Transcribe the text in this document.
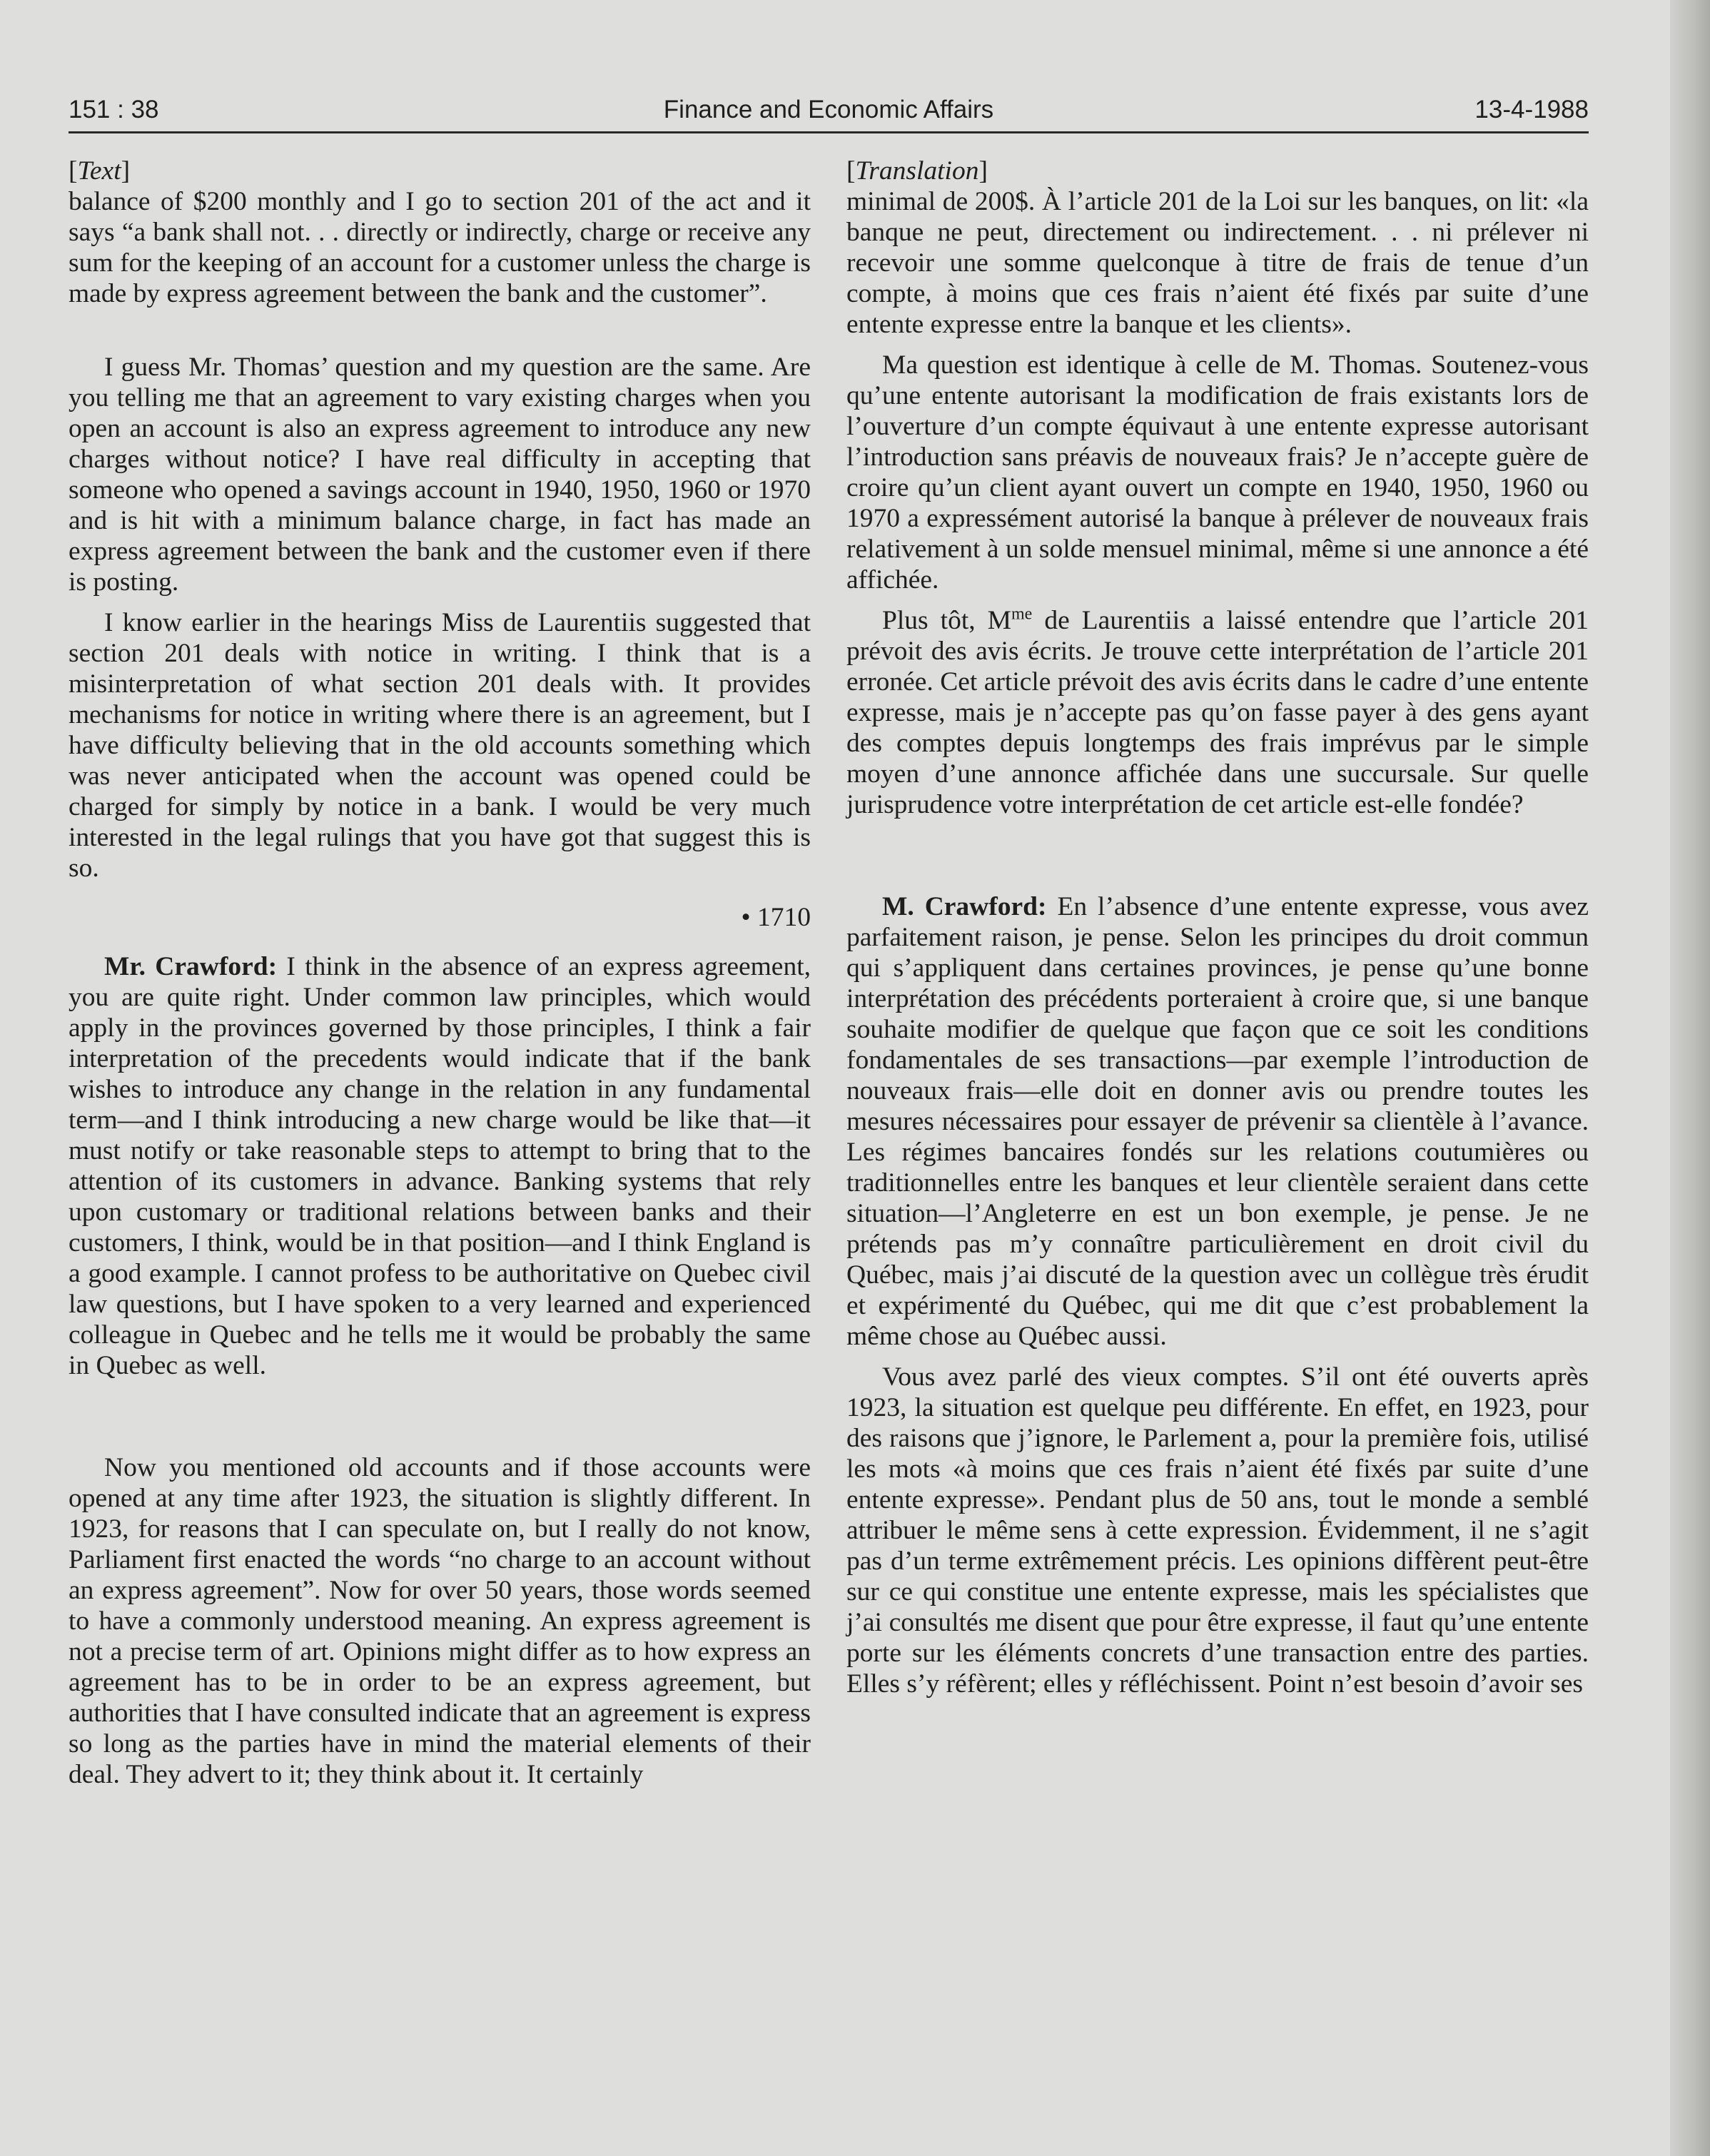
151 : 38	Finance and Economic Affairs	13-4-1988

[ Text ]

balance of $200 monthly and I go to section 201 of the act and it says “a bank shall not. . . directly or indirectly, charge or receive any sum for the keeping of an account for a customer unless the charge is made by express agreement between the bank and the customer”.

I guess Mr. Thomas’ question and my question are the same. Are you telling me that an agreement to vary existing charges when you open an account is also an express agreement to introduce any new charges without notice? I have real difficulty in accepting that someone who opened a savings account in 1940, 1950, 1960 or 1970 and is hit with a minimum balance charge, in fact has made an express agreement between the bank and the customer even if there is posting.

I know earlier in the hearings Miss de Laurentiis suggested that section 201 deals with notice in writing. I think that is a misinterpretation of what section 201 deals with. It provides mechanisms for notice in writing where there is an agreement, but I have difficulty believing that in the old accounts something which was never anticipated when the account was opened could be charged for simply by notice in a bank. I would be very much interested in the legal rulings that you have got that suggest this is so.

• 1710

Mr. Crawford: I think in the absence of an express agreement, you are quite right. Under common law principles, which would apply in the provinces governed by those principles, I think a fair interpretation of the precedents would indicate that if the bank wishes to introduce any change in the relation in any fundamental term—and I think introducing a new charge would be like that—it must notify or take reasonable steps to attempt to bring that to the attention of its customers in advance. Banking systems that rely upon customary or traditional relations between banks and their customers, I think, would be in that position—and I think England is a good example. I cannot profess to be authoritative on Quebec civil law questions, but I have spoken to a very learned and experienced colleague in Quebec and he tells me it would be probably the same in Quebec as well.

Now you mentioned old accounts and if those accounts were opened at any time after 1923, the situation is slightly different. In 1923, for reasons that I can speculate on, but I really do not know, Parliament first enacted the words “no charge to an account without an express agreement”. Now for over 50 years, those words seemed to have a commonly understood meaning. An express agreement is not a precise term of art. Opinions might differ as to how express an agreement has to be in order to be an express agreement, but authorities that I have consulted indicate that an agreement is express so long as the parties have in mind the material elements of their deal. They advert to it; they think about it. It certainly

[ Translation ]

minimal de 200$. À l’article 201 de la Loi sur les banques, on lit: «la banque ne peut, directement ou indirectement. . . ni prélever ni recevoir une somme quelconque à titre de frais de tenue d’un compte, à moins que ces frais n’aient été fixés par suite d’une entente expresse entre la banque et les clients».

Ma question est identique à celle de M. Thomas. Soutenez-vous qu’une entente autorisant la modification de frais existants lors de l’ouverture d’un compte équivaut à une entente expresse autorisant l’introduction sans préavis de nouveaux frais? Je n’accepte guère de croire qu’un client ayant ouvert un compte en 1940, 1950, 1960 ou 1970 a expressément autorisé la banque à prélever de nouveaux frais relativement à un solde mensuel minimal, même si une annonce a été affichée.

Plus tôt, $M^{me}$ de Laurentiis a laissé entendre que l’article 201 prévoit des avis écrits. Je trouve cette interprétation de l’article 201 erronée. Cet article prévoit des avis écrits dans le cadre d’une entente expresse, mais je n’accepte pas qu’on fasse payer à des gens ayant des comptes depuis longtemps des frais imprévus par le simple moyen d’une annonce affichée dans une succursale. Sur quelle jurisprudence votre interprétation de cet article est-elle fondée?

M. Crawford: En l’absence d’une entente expresse, vous avez parfaitement raison, je pense. Selon les principes du droit commun qui s’appliquent dans certaines provinces, je pense qu’une bonne interprétation des précédents porteraient à croire que, si une banque souhaite modifier de quelque que façon que ce soit les conditions fondamentales de ses transactions—par exemple l’introduction de nouveaux frais—elle doit en donner avis ou prendre toutes les mesures nécessaires pour essayer de prévenir sa clientèle à l’avance. Les régimes bancaires fondés sur les relations coutumières ou traditionnelles entre les banques et leur clientèle seraient dans cette situation—l’Angleterre en est un bon exemple, je pense. Je ne prétends pas m’y connaître particulièrement en droit civil du Québec, mais j’ai discuté de la question avec un collègue très érudit et expérimenté du Québec, qui me dit que c’est probablement la même chose au Québec aussi.

Vous avez parlé des vieux comptes. S’il ont été ouverts après 1923, la situation est quelque peu différente. En effet, en 1923, pour des raisons que j’ignore, le Parlement a, pour la première fois, utilisé les mots «à moins que ces frais n’aient été fixés par suite d’une entente expresse». Pendant plus de 50 ans, tout le monde a semblé attribuer le même sens à cette expression. Évidemment, il ne s’agit pas d’un terme extrêmement précis. Les opinions diffèrent peut-être sur ce qui constitue une entente expresse, mais les spécialistes que j’ai consultés me disent que pour être expresse, il faut qu’une entente porte sur les éléments concrets d’une transaction entre des parties. Elles s’y réfèrent; elles y réfléchissent. Point n’est besoin d’avoir ses
